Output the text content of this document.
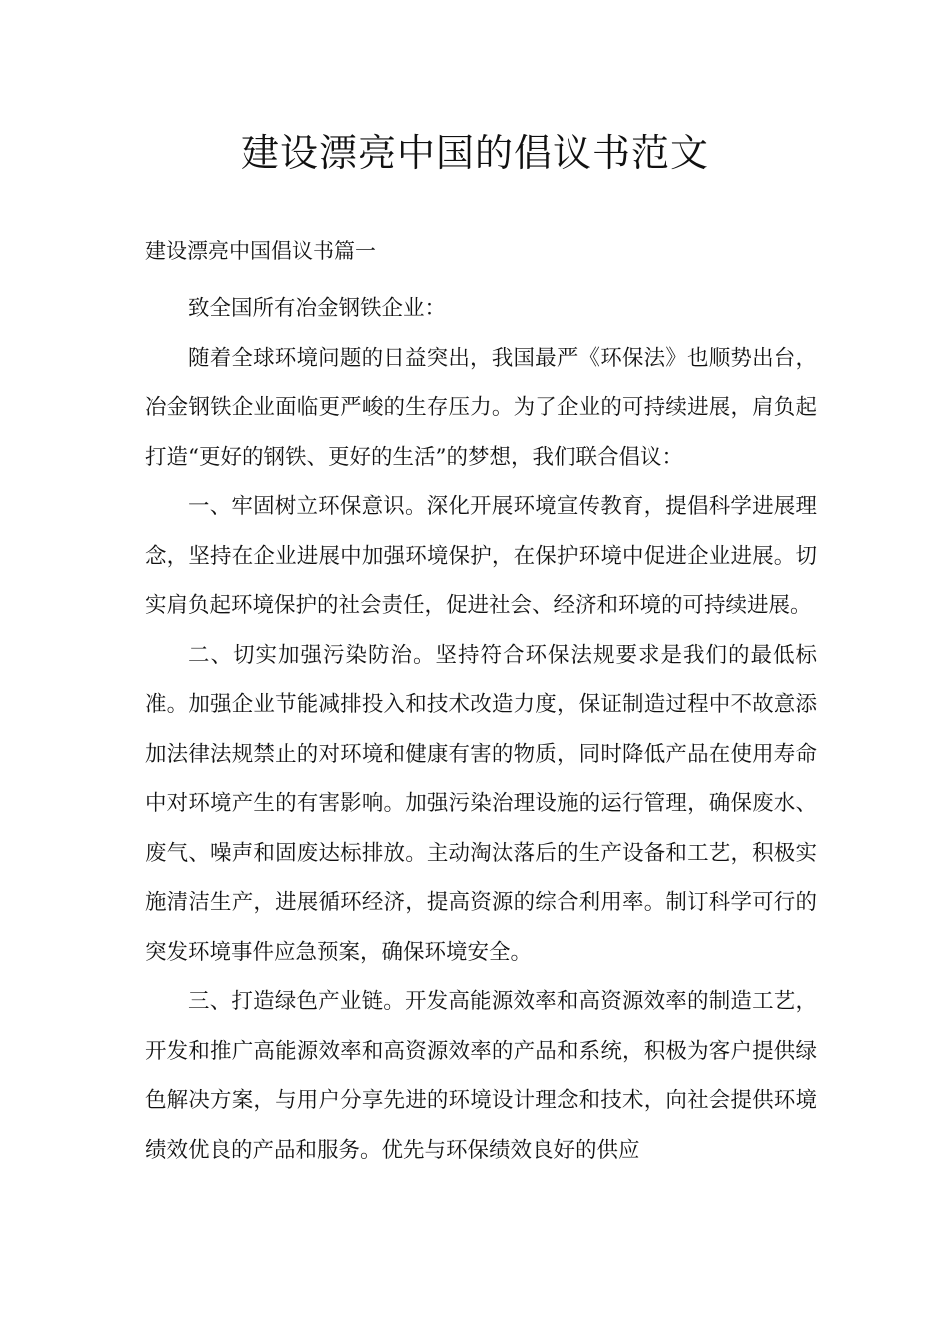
建设漂亮中国的倡议书范文

建设漂亮中国倡议书篇一

致全国所有冶金钢铁企业：

随着全球环境问题的日益突出，我国最严《环保法》也顺势出台，冶金钢铁企业面临更严峻的生存压力。为了企业的可持续进展，肩负起打造“更好的钢铁、更好的生活”的梦想，我们联合倡议：

一、牢固树立环保意识。深化开展环境宣传教育，提倡科学进展理念，坚持在企业进展中加强环境保护，在保护环境中促进企业进展。切实肩负起环境保护的社会责任，促进社会、经济和环境的可持续进展。

二、切实加强污染防治。坚持符合环保法规要求是我们的最低标准。加强企业节能减排投入和技术改造力度，保证制造过程中不故意添加法律法规禁止的对环境和健康有害的物质，同时降低产品在使用寿命中对环境产生的有害影响。加强污染治理设施的运行管理，确保废水、废气、噪声和固废达标排放。主动淘汰落后的生产设备和工艺，积极实施清洁生产，进展循环经济，提高资源的综合利用率。制订科学可行的突发环境事件应急预案，确保环境安全。

三、打造绿色产业链。开发高能源效率和高资源效率的制造工艺，开发和推广高能源效率和高资源效率的产品和系统，积极为客户提供绿色解决方案，与用户分享先进的环境设计理念和技术，向社会提供环境绩效优良的产品和服务。优先与环保绩效良好的供应
